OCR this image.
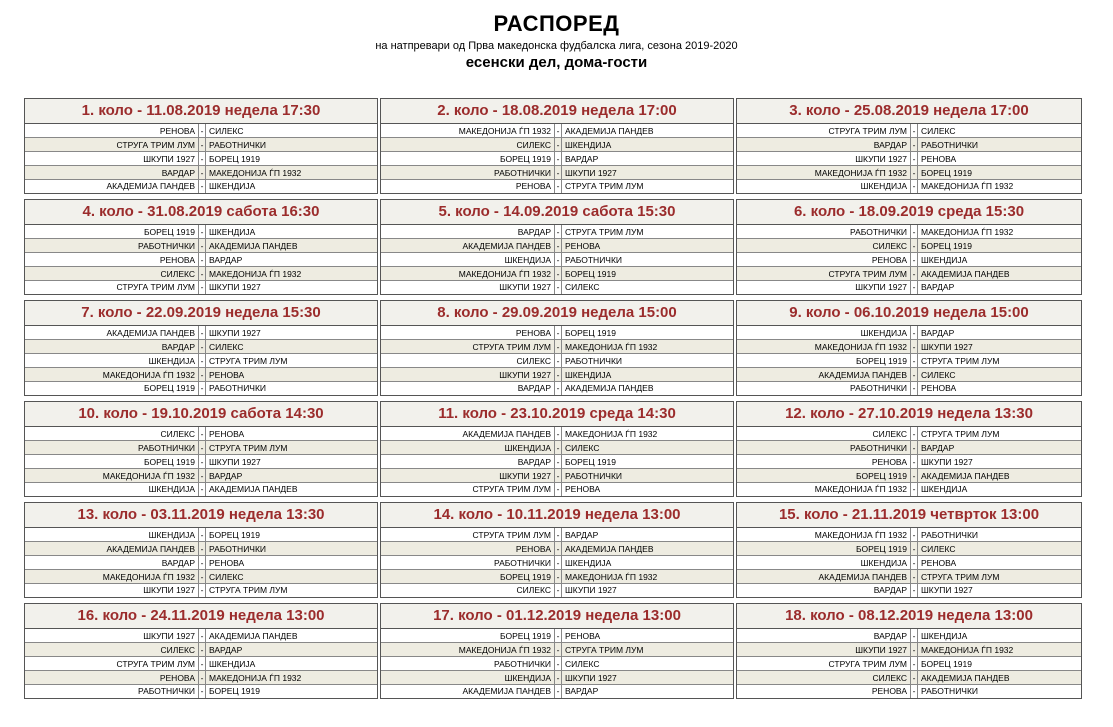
РАСПОРЕД
на натпревари од Прва македонска фудбалска лига, сезона 2019-2020
есенски дел, дома-гости
1. коло - 11.08.2019 недела 17:30
РЕНОВА - СИЛЕКС
СТРУГА ТРИМ ЛУМ - РАБОТНИЧКИ
ШКУПИ 1927 - БОРЕЦ 1919
ВАРДАР - МАКЕДОНИЈА ЃП 1932
АКАДЕМИЈА ПАНДЕВ - ШКЕНДИЈА
2. коло - 18.08.2019 недела 17:00
МАКЕДОНИЈА ЃП 1932 - АКАДЕМИЈА ПАНДЕВ
СИЛЕКС - ШКЕНДИЈА
БОРЕЦ 1919 - ВАРДАР
РАБОТНИЧКИ - ШКУПИ 1927
РЕНОВА - СТРУГА ТРИМ ЛУМ
3. коло - 25.08.2019 недела 17:00
СТРУГА ТРИМ ЛУМ - СИЛЕКС
ВАРДАР - РАБОТНИЧКИ
ШКУПИ 1927 - РЕНОВА
МАКЕДОНИЈА ЃП 1932 - БОРЕЦ 1919
ШКЕНДИЈА - МАКЕДОНИЈА ЃП 1932
4. коло - 31.08.2019 сабота 16:30
БОРЕЦ 1919 - ШКЕНДИЈА
РАБОТНИЧКИ - АКАДЕМИЈА ПАНДЕВ
РЕНОВА - ВАРДАР
СИЛЕКС - МАКЕДОНИЈА ЃП 1932
СТРУГА ТРИМ ЛУМ - ШКУПИ 1927
5. коло - 14.09.2019 сабота 15:30
ВАРДАР - СТРУГА ТРИМ ЛУМ
АКАДЕМИЈА ПАНДЕВ - РЕНОВА
ШКЕНДИЈА - РАБОТНИЧКИ
МАКЕДОНИЈА ЃП 1932 - БОРЕЦ 1919
ШКУПИ 1927 - СИЛЕКС
6. коло - 18.09.2019 среда 15:30
РАБОТНИЧКИ - МАКЕДОНИЈА ЃП 1932
СИЛЕКС - БОРЕЦ 1919
РЕНОВА - ШКЕНДИЈА
СТРУГА ТРИМ ЛУМ - АКАДЕМИЈА ПАНДЕВ
ШКУПИ 1927 - ВАРДАР
7. коло - 22.09.2019 недела 15:30
АКАДЕМИЈА ПАНДЕВ - ШКУПИ 1927
ВАРДАР - СИЛЕКС
ШКЕНДИЈА - СТРУГА ТРИМ ЛУМ
МАКЕДОНИЈА ЃП 1932 - РЕНОВА
БОРЕЦ 1919 - РАБОТНИЧКИ
8. коло - 29.09.2019 недела 15:00
РЕНОВА - БОРЕЦ 1919
СТРУГА ТРИМ ЛУМ - МАКЕДОНИЈА ЃП 1932
СИЛЕКС - РАБОТНИЧКИ
ШКУПИ 1927 - ШКЕНДИЈА
ВАРДАР - АКАДЕМИЈА ПАНДЕВ
9. коло - 06.10.2019 недела 15:00
ШКЕНДИЈА - ВАРДАР
МАКЕДОНИЈА ЃП 1932 - ШКУПИ 1927
БОРЕЦ 1919 - СТРУГА ТРИМ ЛУМ
АКАДЕМИЈА ПАНДЕВ - СИЛЕКС
РАБОТНИЧКИ - РЕНОВА
10. коло - 19.10.2019 сабота 14:30
СИЛЕКС - РЕНОВА
РАБОТНИЧКИ - СТРУГА ТРИМ ЛУМ
БОРЕЦ 1919 - ШКУПИ 1927
МАКЕДОНИЈА ЃП 1932 - ВАРДАР
ШКЕНДИЈА - АКАДЕМИЈА ПАНДЕВ
11. коло - 23.10.2019 среда 14:30
АКАДЕМИЈА ПАНДЕВ - МАКЕДОНИЈА ЃП 1932
ШКЕНДИЈА - СИЛЕКС
ВАРДАР - БОРЕЦ 1919
ШКУПИ 1927 - РАБОТНИЧКИ
СТРУГА ТРИМ ЛУМ - РЕНОВА
12. коло - 27.10.2019 недела 13:30
СИЛЕКС - СТРУГА ТРИМ ЛУМ
РАБОТНИЧКИ - ВАРДАР
РЕНОВА - ШКУПИ 1927
БОРЕЦ 1919 - АКАДЕМИЈА ПАНДЕВ
МАКЕДОНИЈА ЃП 1932 - ШКЕНДИЈА
13. коло - 03.11.2019 недела 13:30
ШКЕНДИЈА - БОРЕЦ 1919
АКАДЕМИЈА ПАНДЕВ - РАБОТНИЧКИ
ВАРДАР - РЕНОВА
МАКЕДОНИЈА ЃП 1932 - СИЛЕКС
ШКУПИ 1927 - СТРУГА ТРИМ ЛУМ
14. коло - 10.11.2019 недела 13:00
СТРУГА ТРИМ ЛУМ - ВАРДАР
РЕНОВА - АКАДЕМИЈА ПАНДЕВ
РАБОТНИЧКИ - ШКЕНДИЈА
БОРЕЦ 1919 - МАКЕДОНИЈА ЃП 1932
СИЛЕКС - ШКУПИ 1927
15. коло - 21.11.2019 четврток 13:00
МАКЕДОНИЈА ЃП 1932 - РАБОТНИЧКИ
БОРЕЦ 1919 - СИЛЕКС
ШКЕНДИЈА - РЕНОВА
АКАДЕМИЈА ПАНДЕВ - СТРУГА ТРИМ ЛУМ
ВАРДАР - ШКУПИ 1927
16. коло - 24.11.2019 недела 13:00
ШКУПИ 1927 - АКАДЕМИЈА ПАНДЕВ
СИЛЕКС - ВАРДАР
СТРУГА ТРИМ ЛУМ - ШКЕНДИЈА
РЕНОВА - МАКЕДОНИЈА ЃП 1932
РАБОТНИЧКИ - БОРЕЦ 1919
17. коло - 01.12.2019 недела 13:00
БОРЕЦ 1919 - РЕНОВА
МАКЕДОНИЈА ЃП 1932 - СТРУГА ТРИМ ЛУМ
РАБОТНИЧКИ - СИЛЕКС
ШКЕНДИЈА - ШКУПИ 1927
АКАДЕМИЈА ПАНДЕВ - ВАРДАР
18. коло - 08.12.2019 недела 13:00
ВАРДАР - ШКЕНДИЈА
ШКУПИ 1927 - МАКЕДОНИЈА ЃП 1932
СТРУГА ТРИМ ЛУМ - БОРЕЦ 1919
СИЛЕКС - АКАДЕМИЈА ПАНДЕВ
РЕНОВА - РАБОТНИЧКИ
